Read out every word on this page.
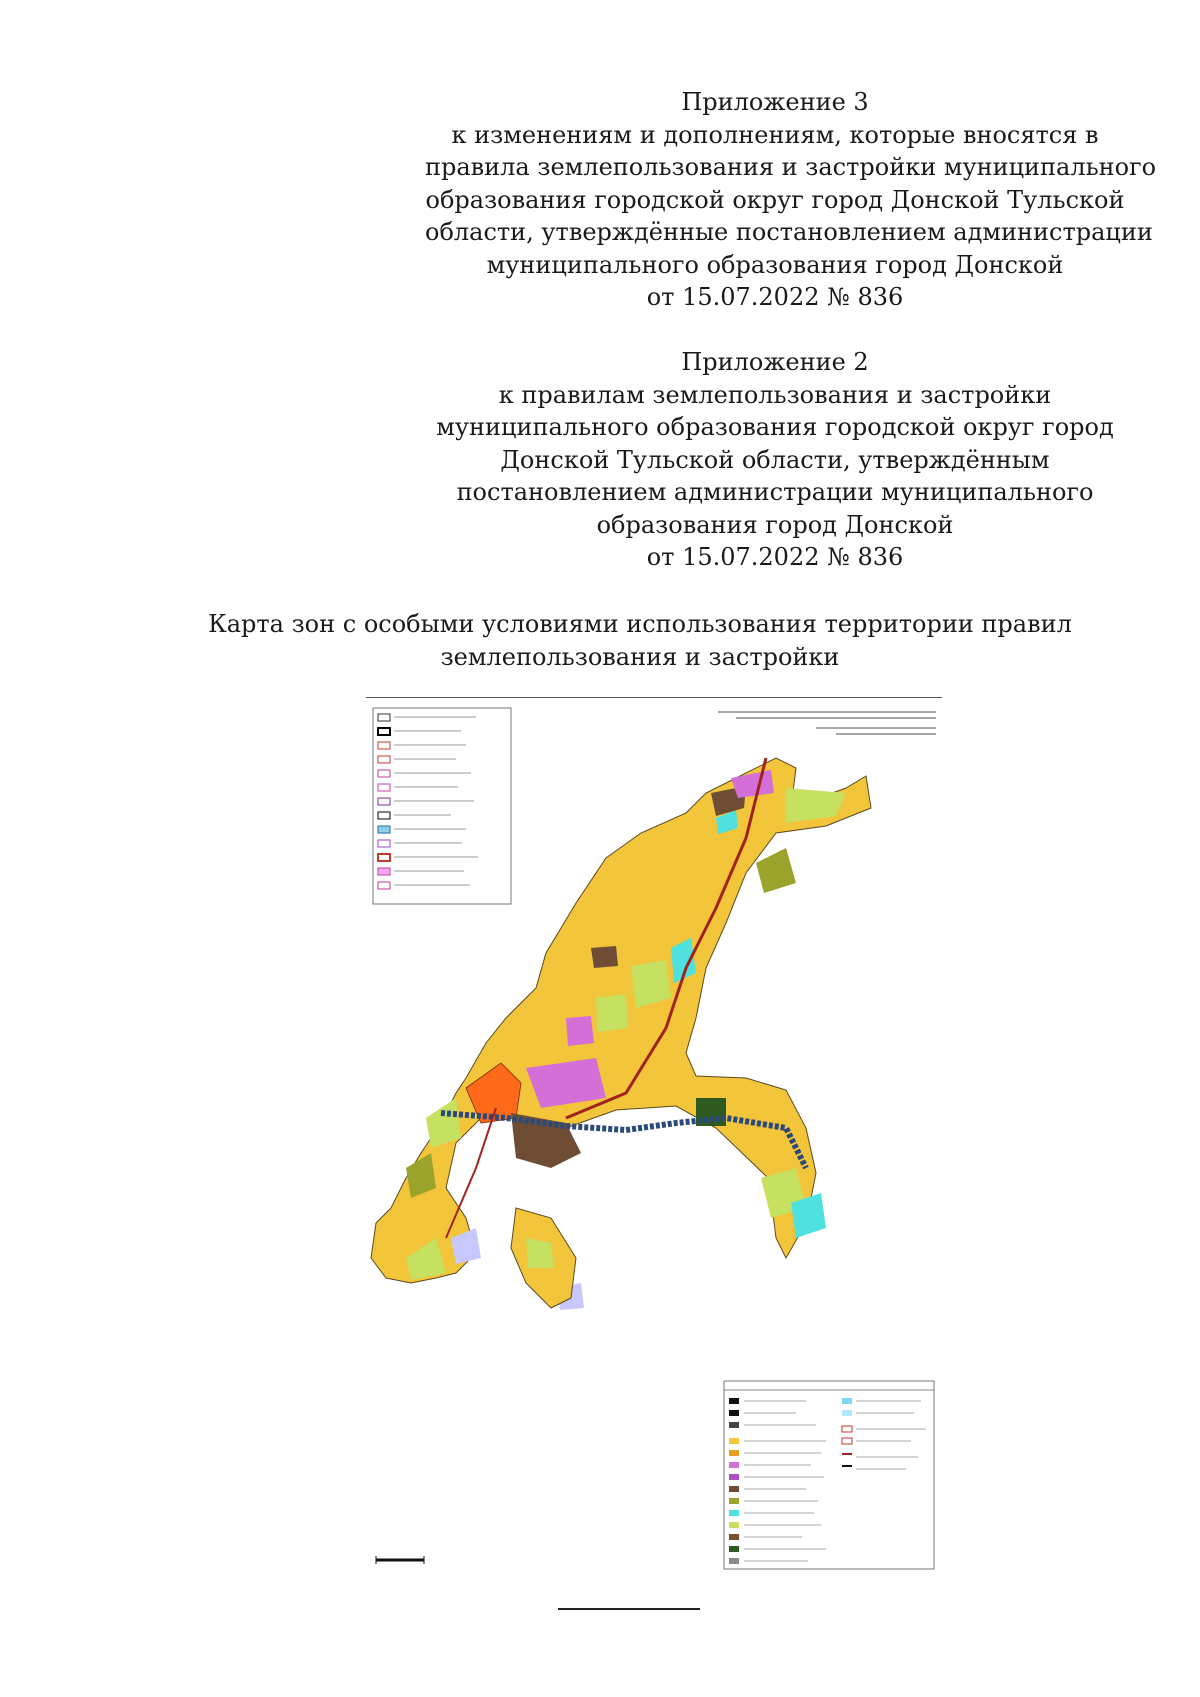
Приложение 3
к изменениям и дополнениям, которые вносятся в
правила землепользования и застройки муниципального
образования городской округ город Донской Тульской
области, утверждённые постановлением администрации
муниципального образования город Донской
от 15.07.2022 № 836
Приложение 2
к правилам землепользования и застройки
муниципального образования городской округ город
Донской Тульской области, утверждённым
постановлением администрации муниципального
образования город Донской
от 15.07.2022 № 836
Карта зон с особыми условиями использования территории правил
землепользования и застройки
